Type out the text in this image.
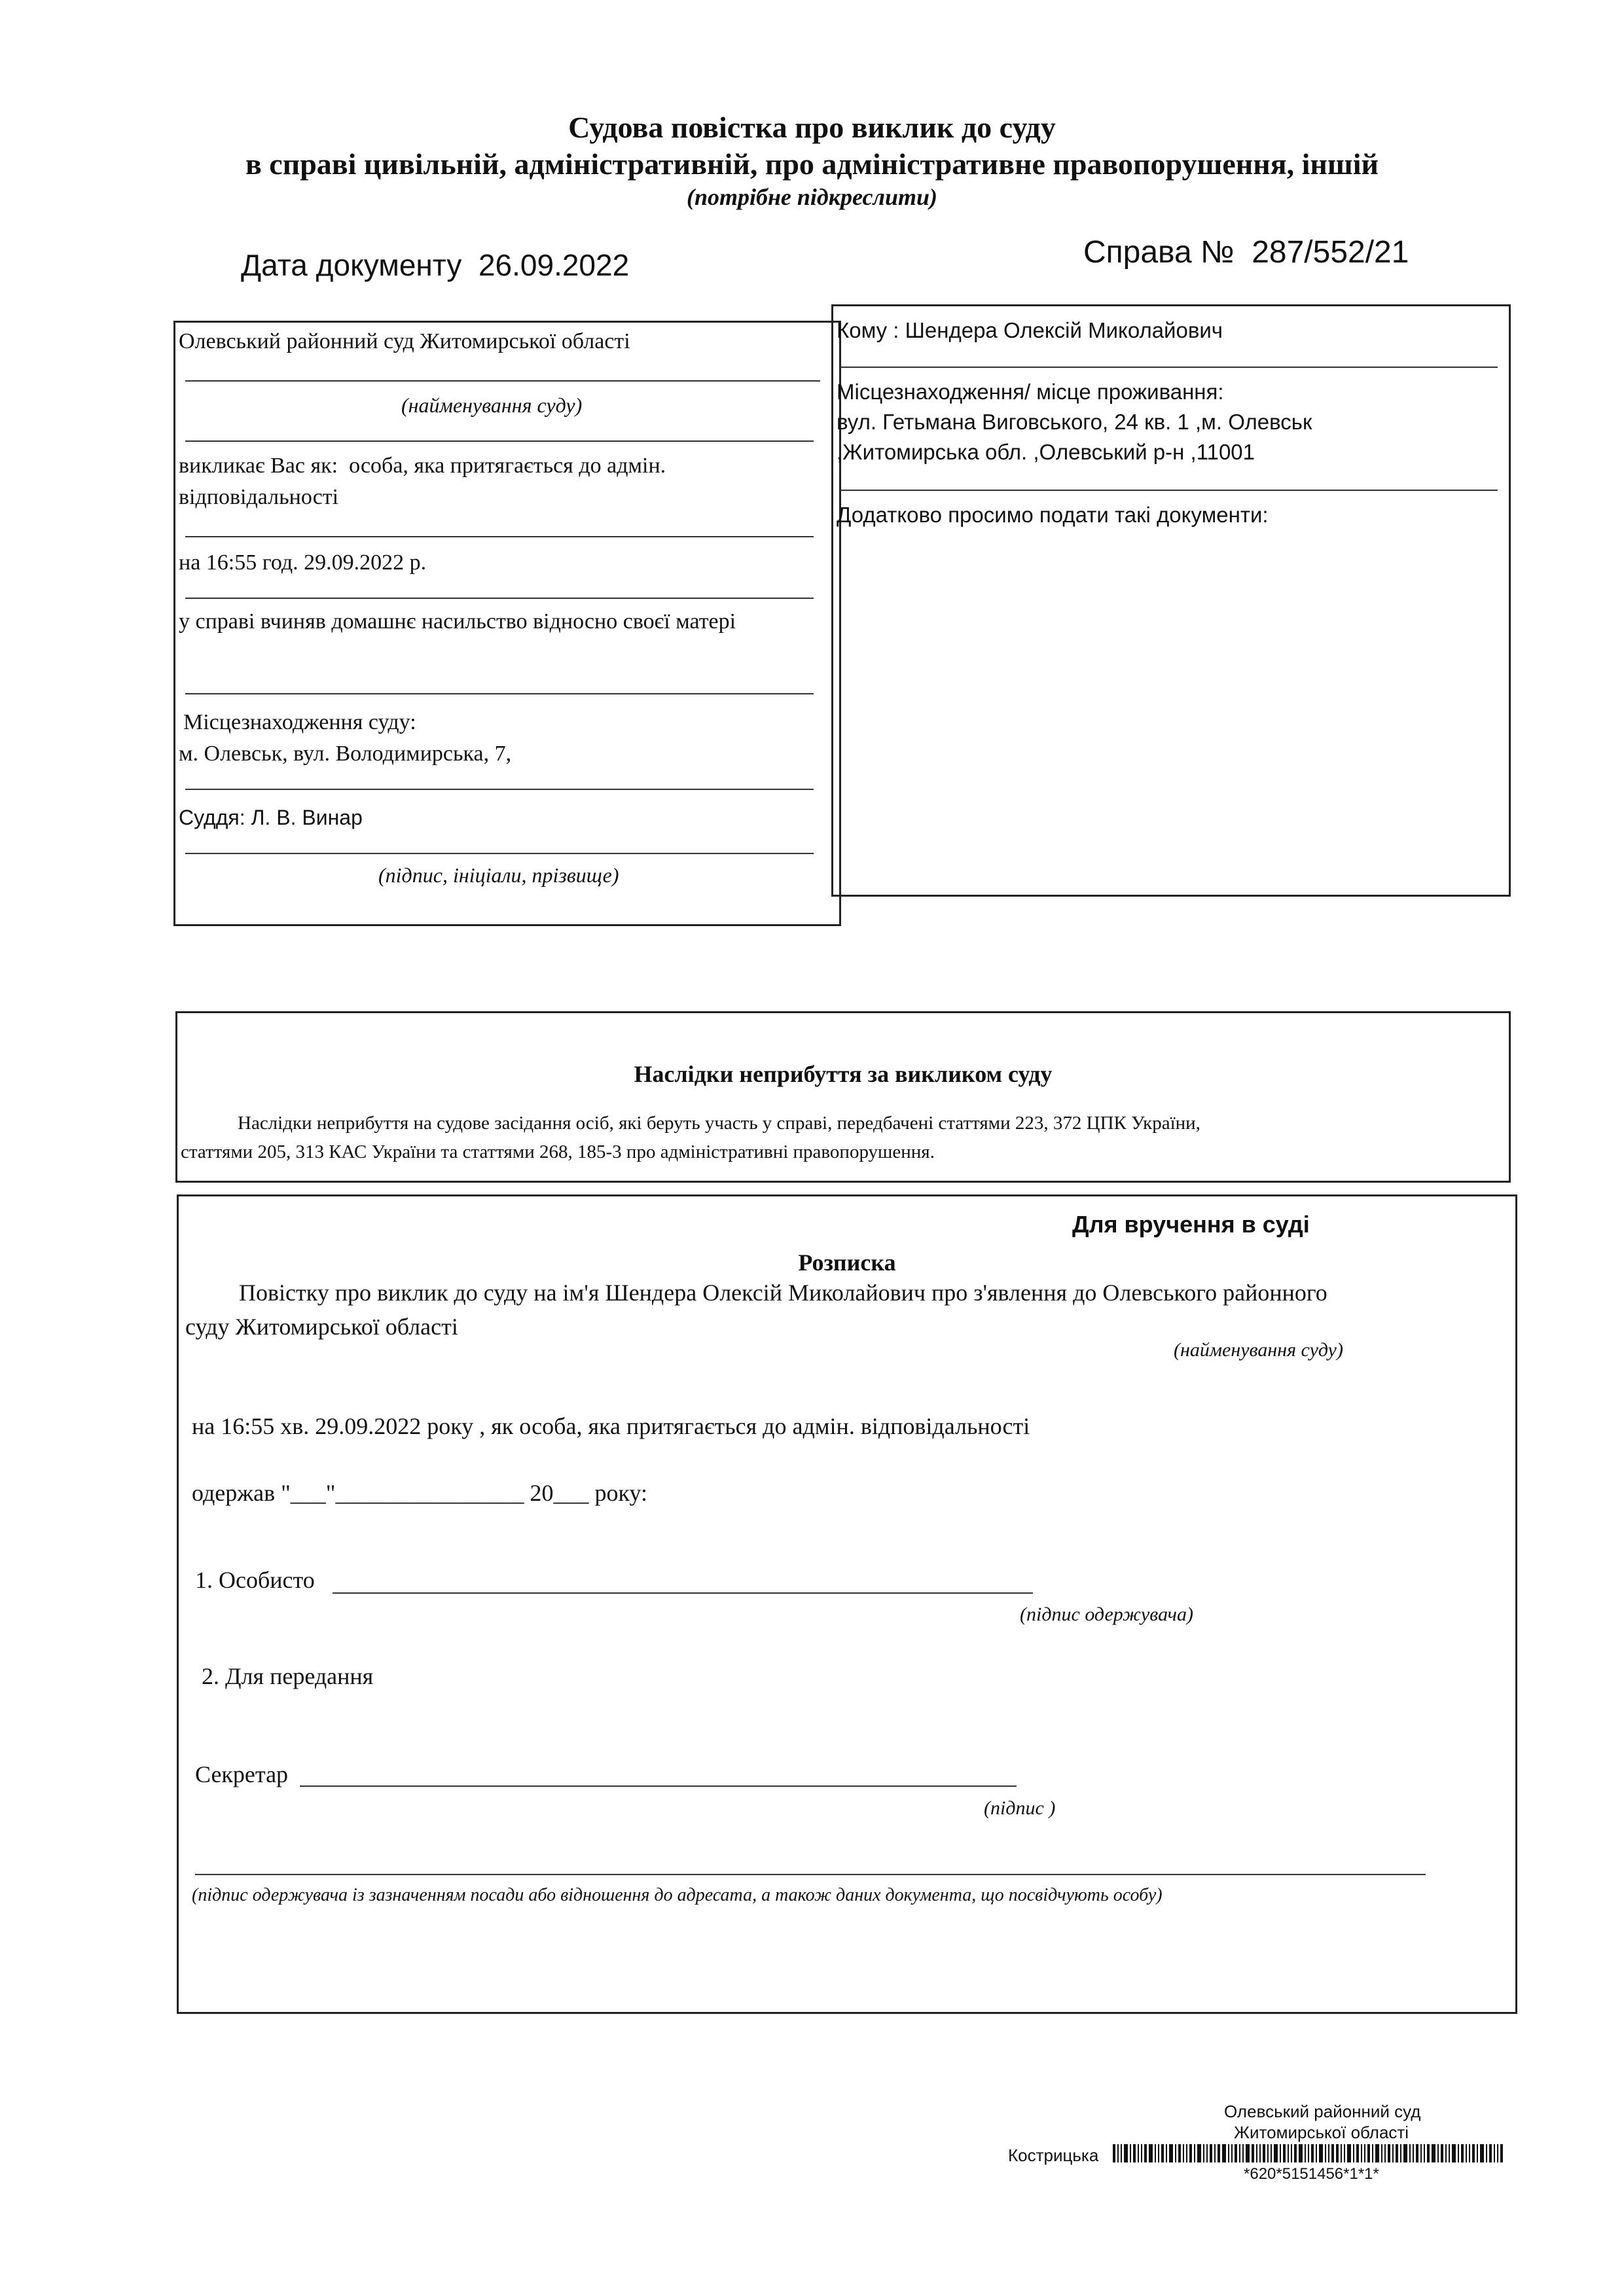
Судова повістка про виклик до суду
в справі цивільній, адміністративній, про адміністративне правопорушення, іншій
(потрібне підкреслити)
Дата документу 26.09.2022	Справа № 287/552/21
Олевський районний суд Житомирської області
(найменування суду)
викликає Вас як: особа, яка притягається до адмін.
відповідальності
на 16:55 год. 29.09.2022 р.
у справі вчиняв домашнє насильство відносно своєї матері
Місцезнаходження суду:
м. Олевськ, вул. Володимирська, 7,
Суддя: Л. В. Винар
(підпис, ініціали, прізвище)
Кому : Шендера Олексій Миколайович
Місцезнаходження/ місце проживання:
вул. Гетьмана Виговського, 24 кв. 1 ,м. Олевськ
,Житомирська обл. ,Олевський р-н ,11001
Додатково просимо подати такі документи:
Наслідки неприбуття за викликом суду
Наслідки неприбуття на судове засідання осіб, які беруть участь у справі, передбачені статтями 223, 372 ЦПК України,
статтями 205, 313 КАС України та статтями 268, 185-3 про адміністративні правопорушення.
Для вручення в суді
Розписка
Повістку про виклик до суду на ім'я Шендера Олексій Миколайович про з'явлення до Олевського районного
суду Житомирської області
(найменування суду)
на 16:55 хв. 29.09.2022 року , як особа, яка притягається до адмін. відповідальності
одержав "___"________________ 20___ року:
1. Особисто
(підпис одержувача)
2. Для передання
Секретар
(підпис )
(підпис одержувача із зазначенням посади або відношення до адресата, а також даних документа, що посвідчують особу)
Олевський районний суд
Житомирської області
Кострицька
*620*5151456*1*1*
